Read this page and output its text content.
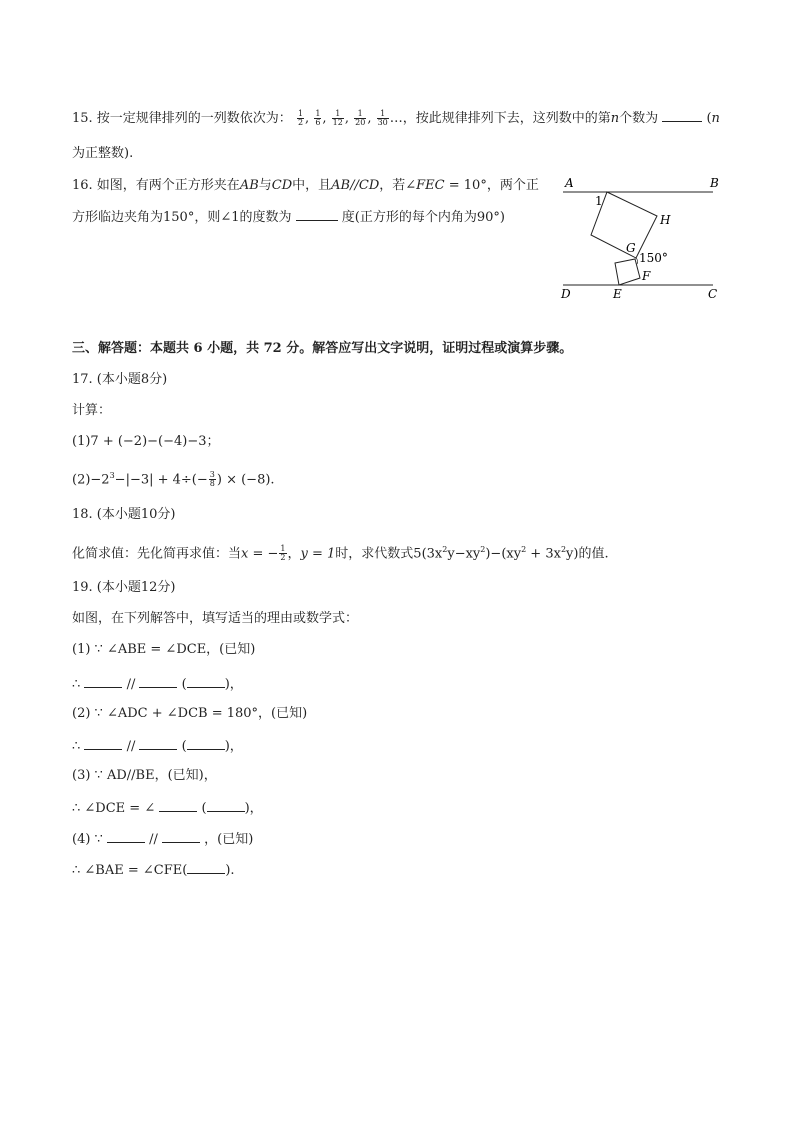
15. 按一定规律排列的一列数依次为： $\frac{1}{2}$ , $\frac{1}{6}$ , $\frac{1}{12}$ , $\frac{1}{20}$ , $\frac{1}{30}$ …，按此规律排列下去，这列数中的第n个数为	(n
为正整数).
16. 如图，有两个正方形夹在AB与CD中，且AB//CD，若∠FEC = 10°，两个正
方形临边夹角为150°，则∠1的度数为	度(正方形的每个内角为90°)
A	B
1
H
G
150°
F
D	E	C
三、解答题：本题共 6 小题，共 72 分。解答应写出文字说明，证明过程或演算步骤。
17. (本小题8分)
计算：
(1)7 + (−2)−(−4)−3；
$(2)-2^3-|-3| + 4\div(- \frac{3}{8}$ ) × (−8).
18. (本小题10分)
化简求值：先化简再求值：当x = − $\frac{1}{2}$ ，y = 1时，求代数式$5(3x^2y-xy^2)-(xy^2 + 3x^2y)$的值.
19. (本小题12分)
如图，在下列解答中，填写适当的理由或数学式：
(1) ∵ ∠ABE = ∠DCE，(已知)
∴	//	(	)，
(2) ∵ ∠ADC + ∠DCB = 180°，(已知)
∴	//	(	)，
(3) ∵ AD//BE，(已知)，
∴ ∠DCE = ∠	(	)，
(4) ∵	//	，(已知)
∴ ∠BAE = ∠CFE(	).
